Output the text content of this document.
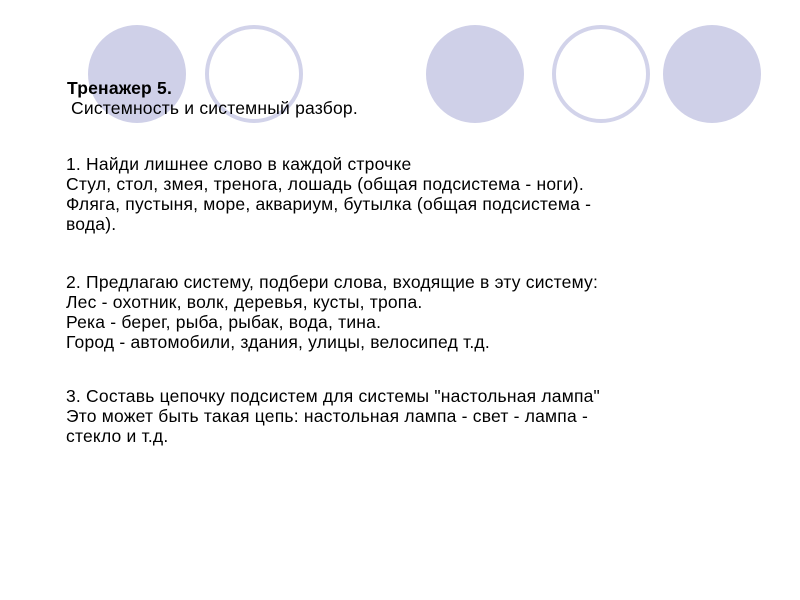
Тренажер 5.
Системность и системный разбор.
1. Найди лишнее слово в каждой строчке
Стул, стол, змея, тренога, лошадь (общая подсистема - ноги).
Фляга, пустыня, море, аквариум, бутылка (общая подсистема -
вода).
2. Предлагаю систему, подбери слова, входящие в эту систему:
Лес - охотник, волк, деревья, кусты, тропа.
Река - берег, рыба, рыбак, вода, тина.
Город - автомобили, здания, улицы, велосипед т.д.
3. Составь цепочку подсистем для системы "настольная лампа"
Это может быть такая цепь: настольная лампа - свет - лампа -
стекло и т.д.
